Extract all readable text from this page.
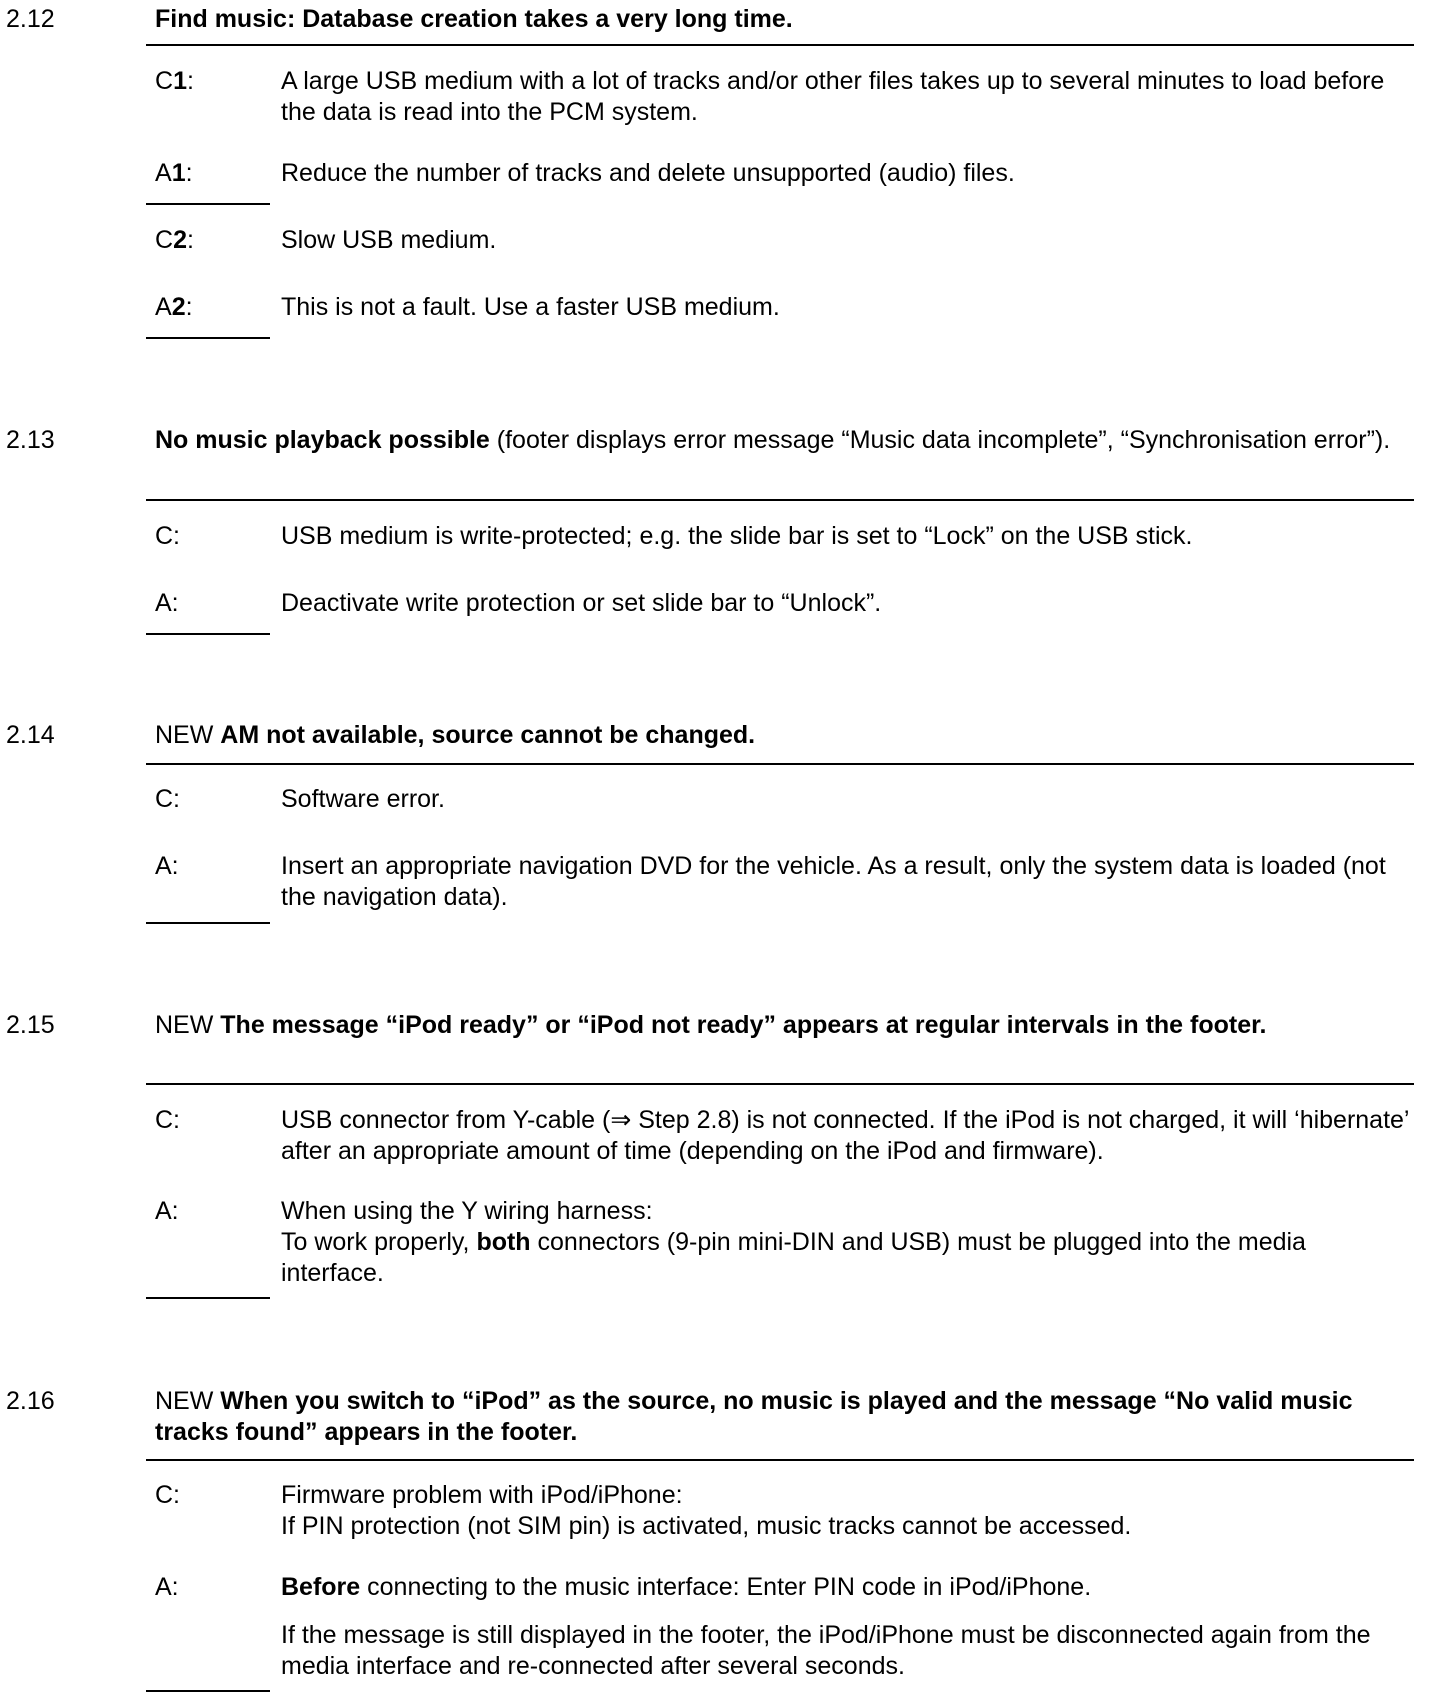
2.12	Find music: Database creation takes a very long time.
C1:	A large USB medium with a lot of tracks and/or other files takes up to several minutes to load before the data is read into the PCM system.
A1:	Reduce the number of tracks and delete unsupported (audio) files.
C2:	Slow USB medium.
A2:	This is not a fault. Use a faster USB medium.
2.13	No music playback possible (footer displays error message “Music data incomplete”, “Synchronisation error”).
C:	USB medium is write-protected; e.g. the slide bar is set to “Lock” on the USB stick.
A:	Deactivate write protection or set slide bar to “Unlock”.
2.14	NEW AM not available, source cannot be changed.
C:	Software error.
A:	Insert an appropriate navigation DVD for the vehicle. As a result, only the system data is loaded (not the navigation data).
2.15	NEW The message “iPod ready” or “iPod not ready” appears at regular intervals in the footer.
C:	USB connector from Y-cable (⇒ Step 2.8) is not connected. If the iPod is not charged, it will ‘hibernate’ after an appropriate amount of time (depending on the iPod and firmware).
A:	When using the Y wiring harness:

To work properly, both connectors (9-pin mini-DIN and USB) must be plugged into the media interface.

2.16	NEW When you switch to “iPod” as the source, no music is played and the message “No valid music tracks found” appears in the footer.
C:	Firmware problem with iPod/iPhone:

If PIN protection (not SIM pin) is activated, music tracks cannot be accessed.

A:	Before connecting to the music interface: Enter PIN code in iPod/iPhone.

If the message is still displayed in the footer, the iPod/iPhone must be disconnected again from the media interface and re-connected after several seconds.
